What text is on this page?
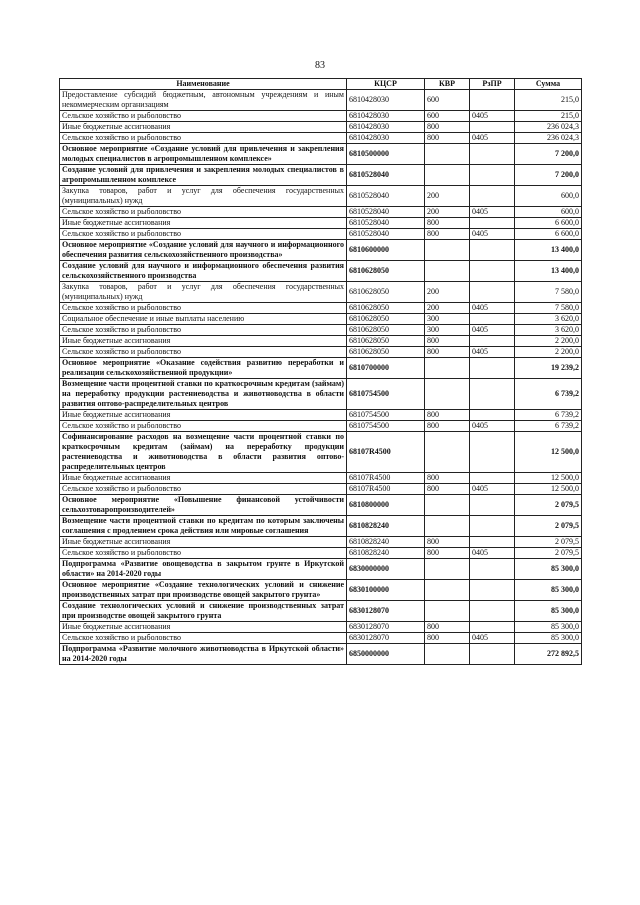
83
Наименование	КЦСР	КВР	РзПР	Сумма
Предоставление субсидий бюджетным, автономным учреждениям и иным некоммерческим организациям	6810428030	600		215,0
Сельское хозяйство и рыболовство	6810428030	600	0405	215,0
Иные бюджетные ассигнования	6810428030	800		236 024,3
Сельское хозяйство и рыболовство	6810428030	800	0405	236 024,3
Основное мероприятие «Создание условий для привлечения и закрепления молодых специалистов в агропромышленном комплексе»	6810500000			7 200,0
Создание условий для привлечения и закрепления молодых специалистов в агропромышленном комплексе	6810528040			7 200,0
Закупка товаров, работ и услуг для обеспечения государственных (муниципальных) нужд	6810528040	200		600,0
Сельское хозяйство и рыболовство	6810528040	200	0405	600,0
Иные бюджетные ассигнования	6810528040	800		6 600,0
Сельское хозяйство и рыболовство	6810528040	800	0405	6 600,0
Основное мероприятие «Создание условий для научного и информационного обеспечения развития сельскохозяйственного производства»	6810600000			13 400,0
Создание условий для научного и информационного обеспечения развития сельскохозяйственного производства	6810628050			13 400,0
Закупка товаров, работ и услуг для обеспечения государственных (муниципальных) нужд	6810628050	200		7 580,0
Сельское хозяйство и рыболовство	6810628050	200	0405	7 580,0
Социальное обеспечение и иные выплаты населению	6810628050	300		3 620,0
Сельское хозяйство и рыболовство	6810628050	300	0405	3 620,0
Иные бюджетные ассигнования	6810628050	800		2 200,0
Сельское хозяйство и рыболовство	6810628050	800	0405	2 200,0
Основное мероприятие «Оказание содействия развитию переработки и реализации сельскохозяйственной продукции»	6810700000			19 239,2
Возмещение части процентной ставки по краткосрочным кредитам (займам) на переработку продукции растениеводства и животноводства в области развития оптово-распределительных центров	6810754500			6 739,2
Иные бюджетные ассигнования	6810754500	800		6 739,2
Сельское хозяйство и рыболовство	6810754500	800	0405	6 739,2
Софинансирование расходов на возмещение части процентной ставки по краткосрочным кредитам (займам) на переработку продукции растениеводства и животноводства в области развития оптово-распределительных центров	68107R4500			12 500,0
Иные бюджетные ассигнования	68107R4500	800		12 500,0
Сельское хозяйство и рыболовство	68107R4500	800	0405	12 500,0
Основное мероприятие «Повышение финансовой устойчивости сельхозтоваропроизводителей»	6810800000			2 079,5
Возмещение части процентной ставки по кредитам по которым заключены соглашения с продлением срока действия или мировые соглашения	6810828240			2 079,5
Иные бюджетные ассигнования	6810828240	800		2 079,5
Сельское хозяйство и рыболовство	6810828240	800	0405	2 079,5
Подпрограмма «Развитие овощеводства в закрытом грунте в Иркутской области» на 2014-2020 годы	6830000000			85 300,0
Основное мероприятие «Создание технологических условий и снижение производственных затрат при производстве овощей закрытого грунта»	6830100000			85 300,0
Создание технологических условий и снижение производственных затрат при производстве овощей закрытого грунта	6830128070			85 300,0
Иные бюджетные ассигнования	6830128070	800		85 300,0
Сельское хозяйство и рыболовство	6830128070	800	0405	85 300,0
Подпрограмма «Развитие молочного животноводства в Иркутской области» на 2014-2020 годы	6850000000			272 892,5
